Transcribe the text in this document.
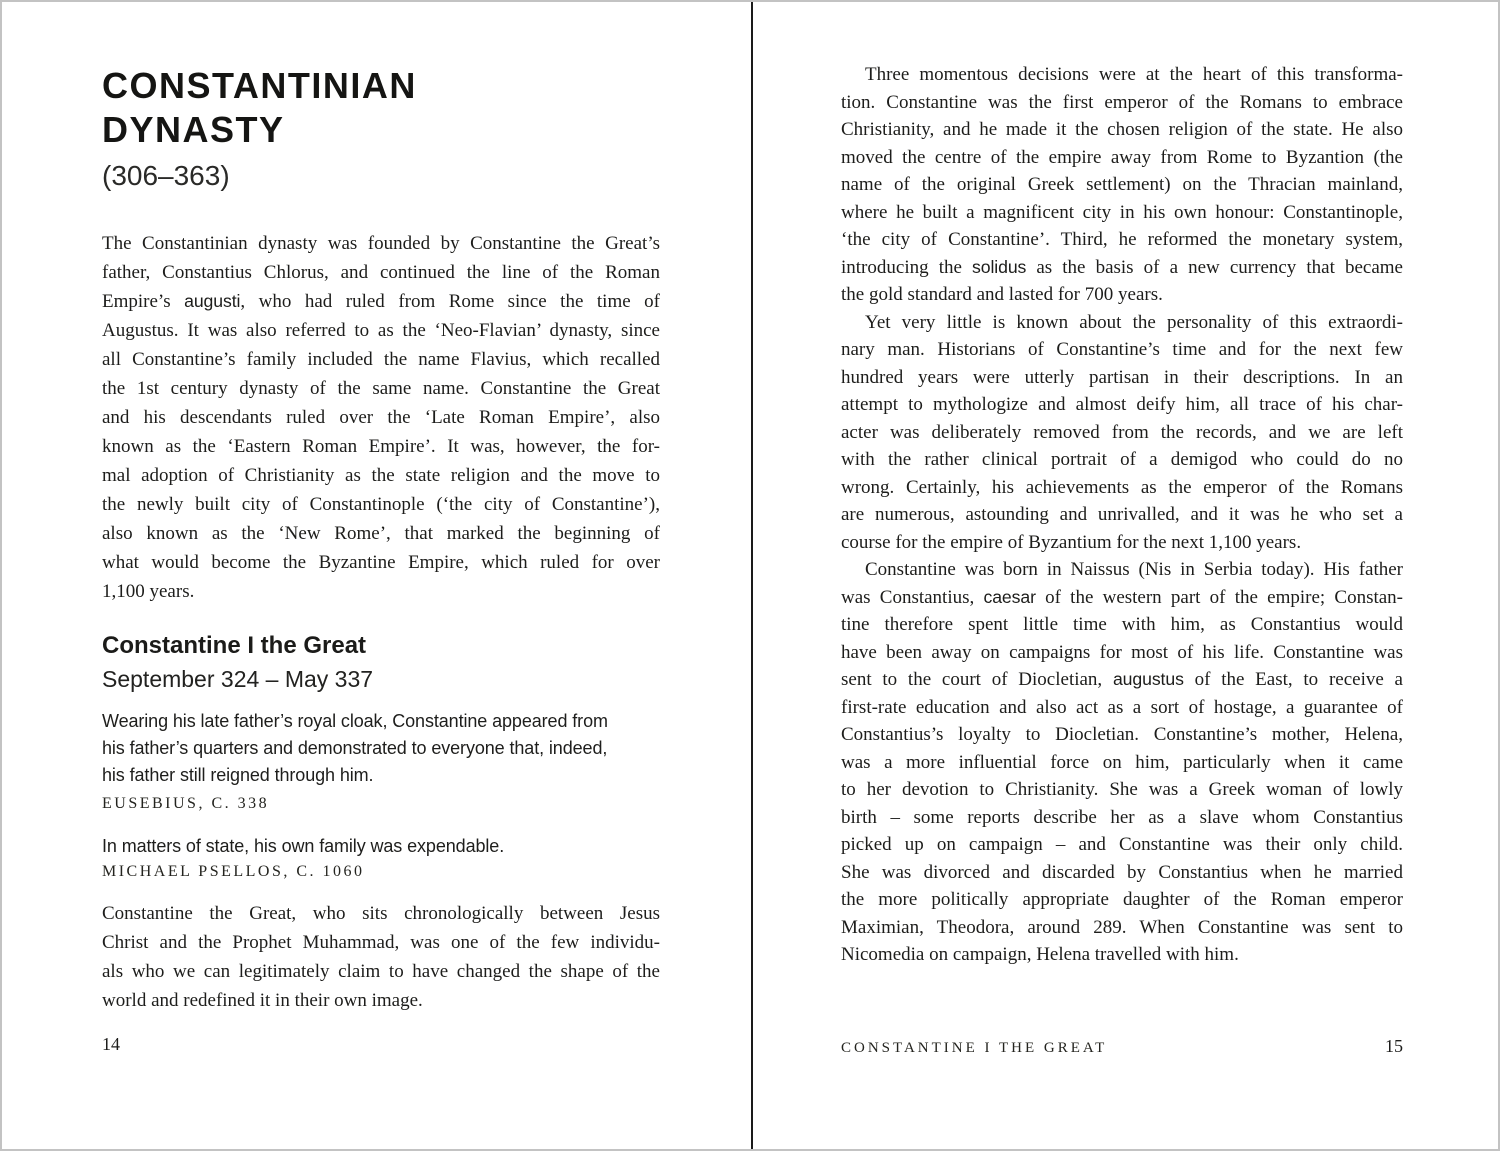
CONSTANTINIAN
DYNASTY
(306–363)
The Constantinian dynasty was founded by Constantine the Great’s
father, Constantius Chlorus, and continued the line of the Roman
Empire’s augusti, who had ruled from Rome since the time of
Augustus. It was also referred to as the ‘Neo-Flavian’ dynasty, since
all Constantine’s family included the name Flavius, which recalled
the 1st century dynasty of the same name. Constantine the Great
and his descendants ruled over the ‘Late Roman Empire’, also
known as the ‘Eastern Roman Empire’. It was, however, the for-
mal adoption of Christianity as the state religion and the move to
the newly built city of Constantinople (‘the city of Constantine’),
also known as the ‘New Rome’, that marked the beginning of
what would become the Byzantine Empire, which ruled for over
1,100 years.
Constantine I the Great
September 324 – May 337
Wearing his late father’s royal cloak, Constantine appeared from
his father’s quarters and demonstrated to everyone that, indeed,
his father still reigned through him.
EUSEBIUS, C. 338
In matters of state, his own family was expendable.
MICHAEL PSELLOS, C. 1060
Constantine the Great, who sits chronologically between Jesus
Christ and the Prophet Muhammad, was one of the few individu-
als who we can legitimately claim to have changed the shape of the
world and redefined it in their own image.
14
Three momentous decisions were at the heart of this transforma-
tion. Constantine was the first emperor of the Romans to embrace
Christianity, and he made it the chosen religion of the state. He also
moved the centre of the empire away from Rome to Byzantion (the
name of the original Greek settlement) on the Thracian mainland,
where he built a magnificent city in his own honour: Constantinople,
‘the city of Constantine’. Third, he reformed the monetary system,
introducing the solidus as the basis of a new currency that became
the gold standard and lasted for 700 years.
Yet very little is known about the personality of this extraordi-
nary man. Historians of Constantine’s time and for the next few
hundred years were utterly partisan in their descriptions. In an
attempt to mythologize and almost deify him, all trace of his char-
acter was deliberately removed from the records, and we are left
with the rather clinical portrait of a demigod who could do no
wrong. Certainly, his achievements as the emperor of the Romans
are numerous, astounding and unrivalled, and it was he who set a
course for the empire of Byzantium for the next 1,100 years.
Constantine was born in Naissus (Nis in Serbia today). His father
was Constantius, caesar of the western part of the empire; Constan-
tine therefore spent little time with him, as Constantius would
have been away on campaigns for most of his life. Constantine was
sent to the court of Diocletian, augustus of the East, to receive a
first-rate education and also act as a sort of hostage, a guarantee of
Constantius’s loyalty to Diocletian. Constantine’s mother, Helena,
was a more influential force on him, particularly when it came
to her devotion to Christianity. She was a Greek woman of lowly
birth – some reports describe her as a slave whom Constantius
picked up on campaign – and Constantine was their only child.
She was divorced and discarded by Constantius when he married
the more politically appropriate daughter of the Roman emperor
Maximian, Theodora, around 289. When Constantine was sent to
Nicomedia on campaign, Helena travelled with him.
CONSTANTINE I THE GREAT	15
